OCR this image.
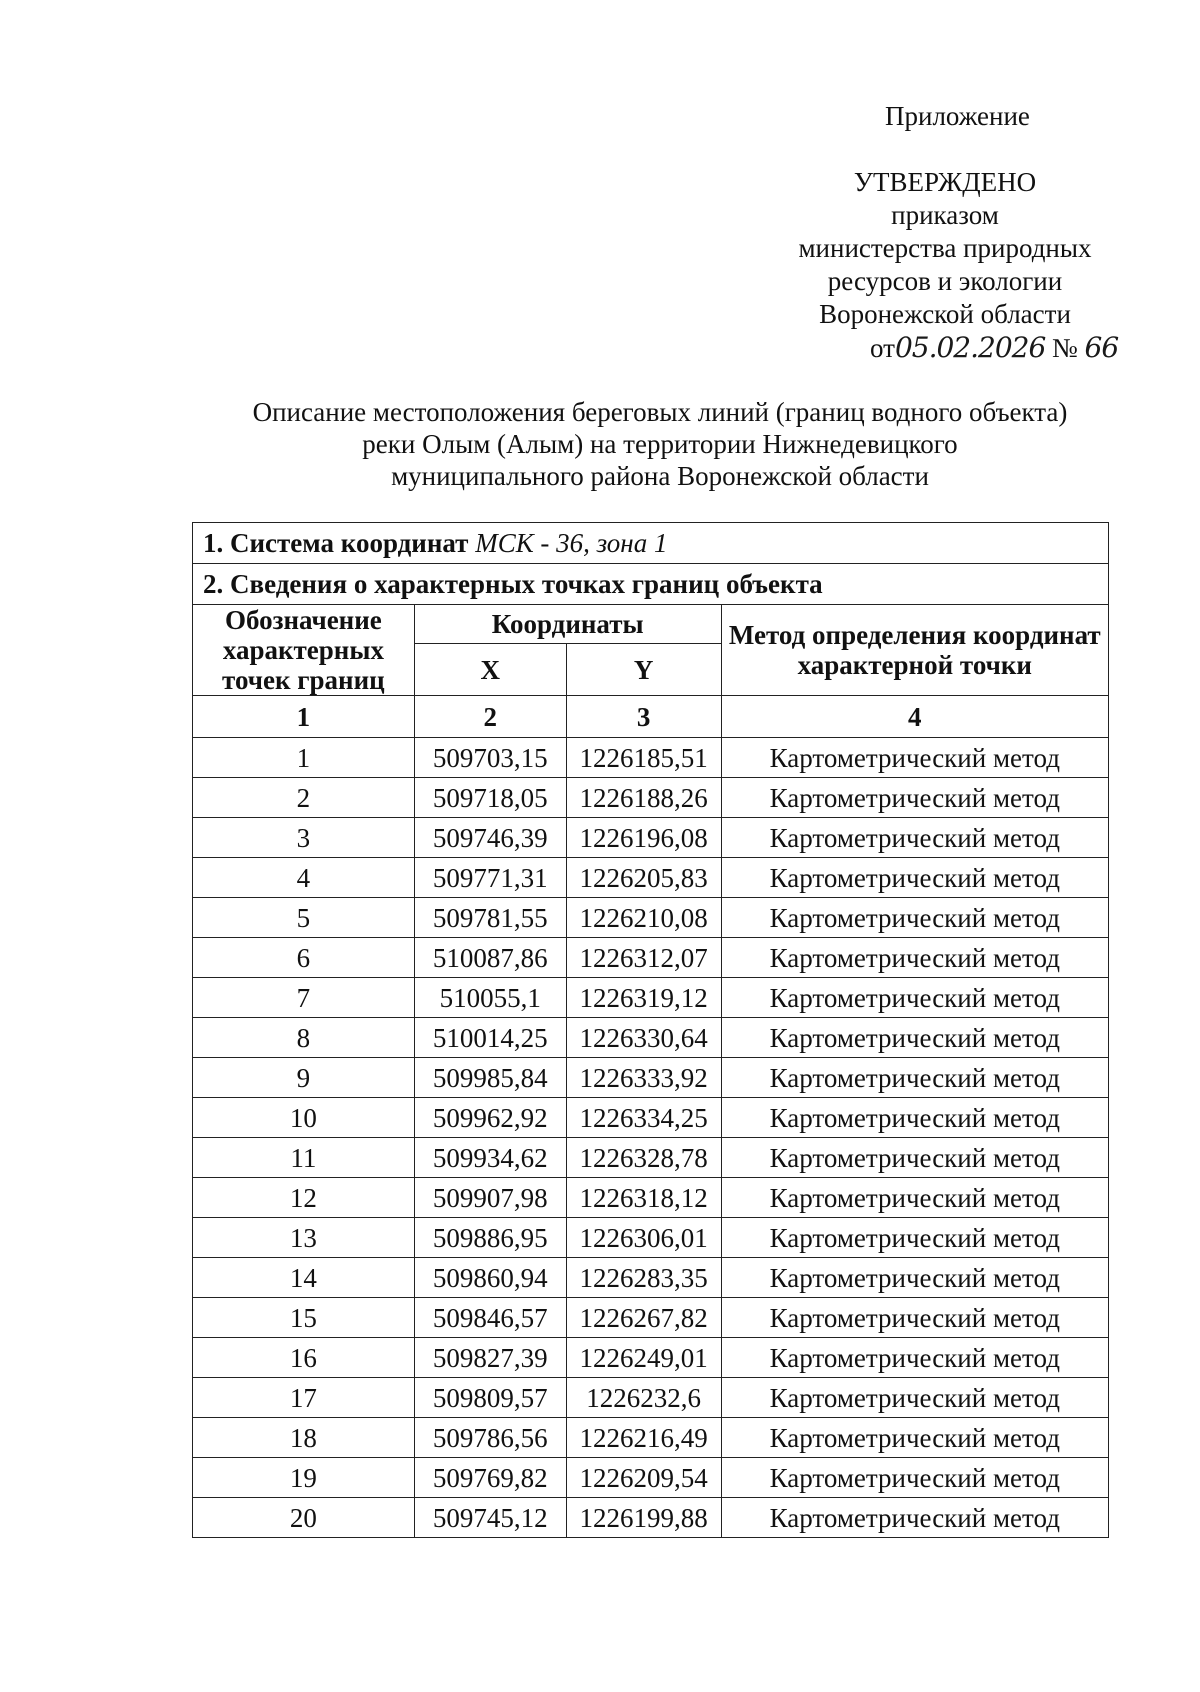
Приложение
УТВЕРЖДЕНО
приказом
министерства природных
ресурсов и экологии
Воронежской области
от05.02.2026 № 66
Описание местоположения береговых линий (границ водного объекта)
реки Олым (Алым) на территории Нижнедевицкого
муниципального района Воронежской области
1. Система координат МСК - 36, зона 1			
2. Сведения о характерных точках границ объекта			
Обозначение характерных точек границ	Координаты		Метод определения координат характерной точки
	X	Y	
1	2	3	4
1	509703,15	1226185,51	Картометрический метод
2	509718,05	1226188,26	Картометрический метод
3	509746,39	1226196,08	Картометрический метод
4	509771,31	1226205,83	Картометрический метод
5	509781,55	1226210,08	Картометрический метод
6	510087,86	1226312,07	Картометрический метод
7	510055,1	1226319,12	Картометрический метод
8	510014,25	1226330,64	Картометрический метод
9	509985,84	1226333,92	Картометрический метод
10	509962,92	1226334,25	Картометрический метод
11	509934,62	1226328,78	Картометрический метод
12	509907,98	1226318,12	Картометрический метод
13	509886,95	1226306,01	Картометрический метод
14	509860,94	1226283,35	Картометрический метод
15	509846,57	1226267,82	Картометрический метод
16	509827,39	1226249,01	Картометрический метод
17	509809,57	1226232,6	Картометрический метод
18	509786,56	1226216,49	Картометрический метод
19	509769,82	1226209,54	Картометрический метод
20	509745,12	1226199,88	Картометрический метод
